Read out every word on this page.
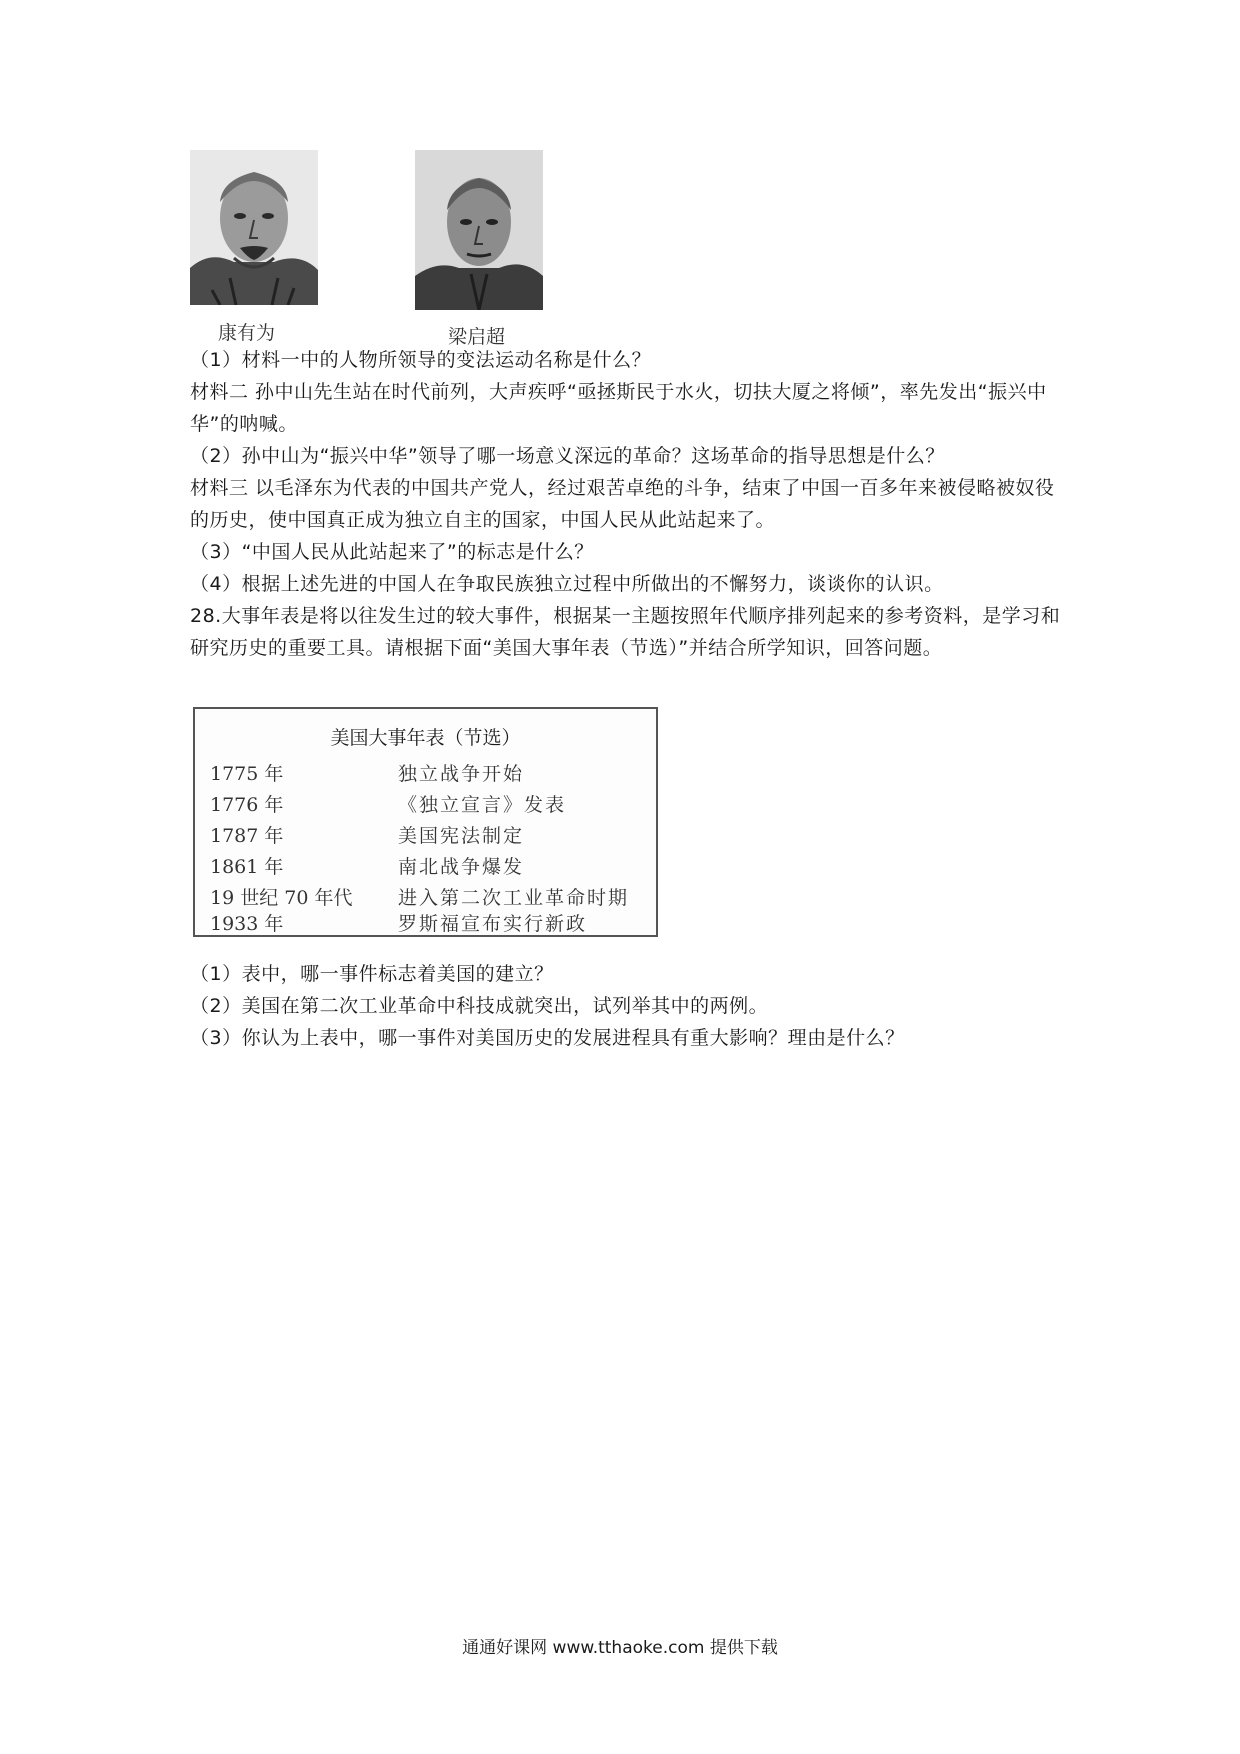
康有为	梁启超

（1）材料一中的人物所领导的变法运动名称是什么？

材料二 孙中山先生站在时代前列，大声疾呼“亟拯斯民于水火，切扶大厦之将倾”，率先发出“振兴中华”的呐喊。

（2）孙中山为“振兴中华”领导了哪一场意义深远的革命？这场革命的指导思想是什么？

材料三 以毛泽东为代表的中国共产党人，经过艰苦卓绝的斗争，结束了中国一百多年来被侵略被奴役的历史，使中国真正成为独立自主的国家，中国人民从此站起来了。

（3）“中国人民从此站起来了”的标志是什么？

（4）根据上述先进的中国人在争取民族独立过程中所做出的不懈努力，谈谈你的认识。

28.大事年表是将以往发生过的较大事件，根据某一主题按照年代顺序排列起来的参考资料，是学习和研究历史的重要工具。请根据下面“美国大事年表（节选）”并结合所学知识，回答问题。

美国大事年表（节选）
1775 年	独立战争开始
1776 年	《独立宣言》发表
1787 年	美国宪法制定
1861 年	南北战争爆发
19 世纪 70 年代 进入第二次工业革命时期
1933 年	罗斯福宣布实行新政

（1）表中，哪一事件标志着美国的建立？

（2）美国在第二次工业革命中科技成就突出，试列举其中的两例。

（3）你认为上表中，哪一事件对美国历史的发展进程具有重大影响？理由是什么？

通通好课网 www.tthaoke.com 提供下载
